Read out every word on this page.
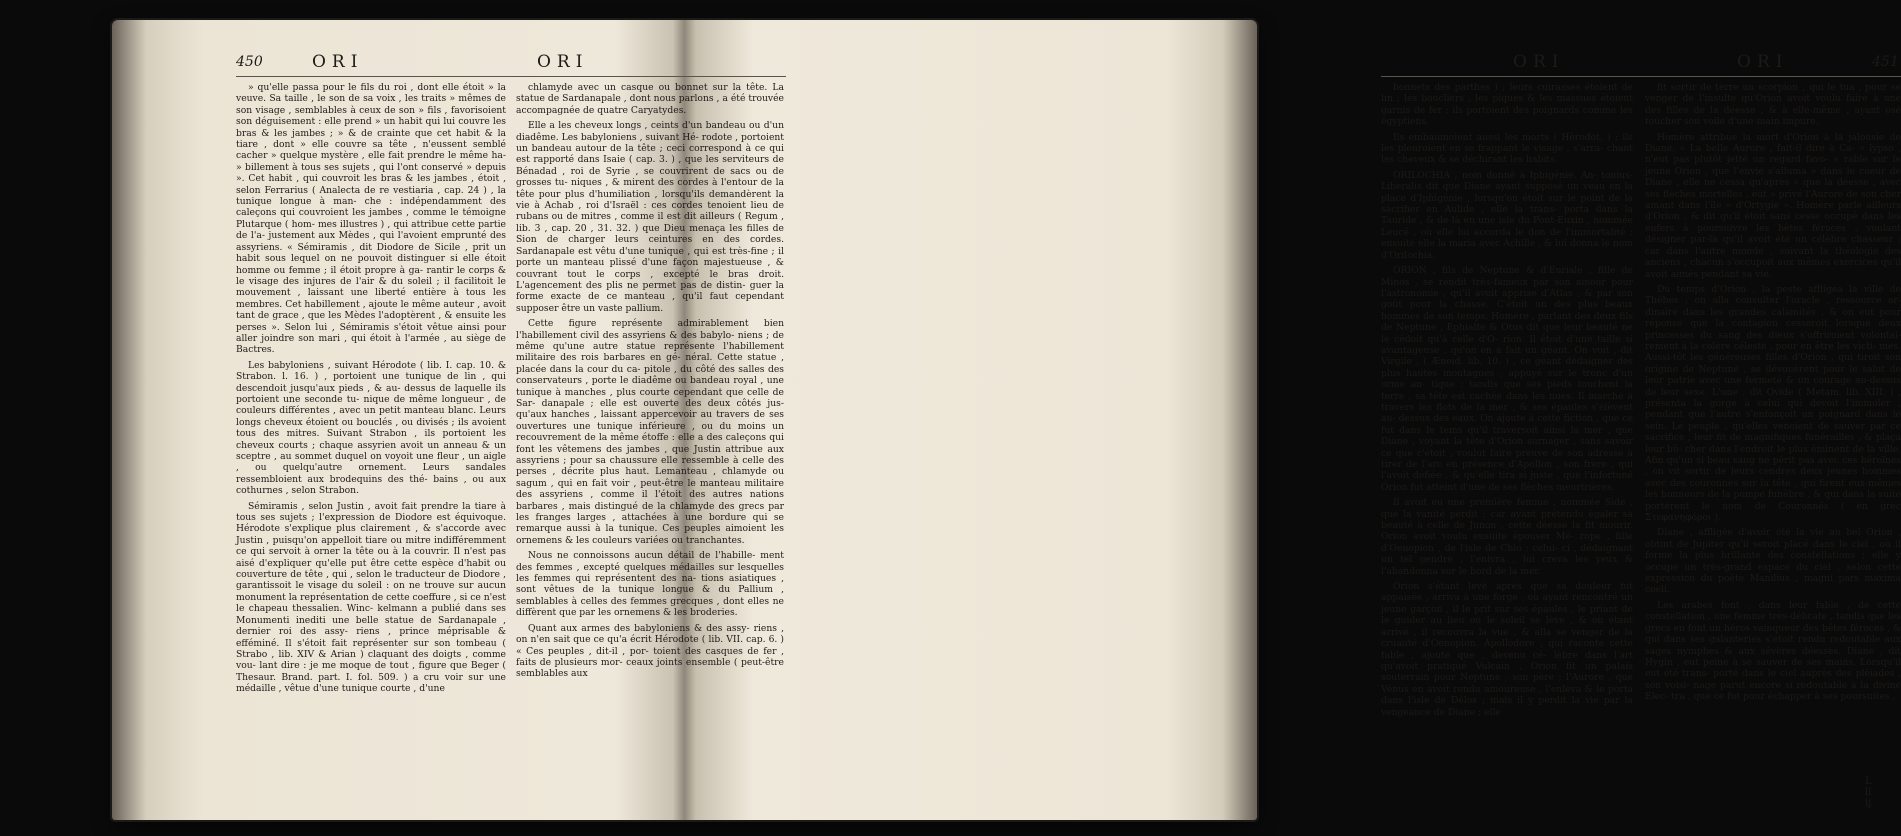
450	ORI	ORI

» qu'elle passa pour le fils du roi , dont elle étoit » la veuve. Sa taille , le son de sa voix , les traits » mêmes de son visage , semblables à ceux de son » fils , favorisoient son déguisement : elle prend » un habit qui lui couvre les bras & les jambes ; » & de crainte que cet habit & la tiare , dont » elle couvre sa tête , n'eussent semblé cacher » quelque mystère , elle fait prendre le même ha- » billement à tous ses sujets , qui l'ont conservé » depuis ». Cet habit , qui couvroit les bras & les jambes , étoit , selon Ferrarius ( Analecta de re vestiaria , cap. 24 ) , la tunique longue à man- che : indépendamment des caleçons qui couvroient les jambes , comme le témoigne Plutarque ( hom- mes illustres ) , qui attribue cette partie de l'a- justement aux Mèdes , qui l'avoient emprunté des assyriens. « Sémiramis , dit Diodore de Sicile , prit un habit sous lequel on ne pouvoit distinguer si elle étoit homme ou femme ; il étoit propre à ga- rantir le corps & le visage des injures de l'air & du soleil ; il facilitoit le mouvement , laissant une liberté entière à tous les membres. Cet habillement , ajoute le même auteur , avoit tant de grace , que les Mèdes l'adoptèrent , & ensuite les perses ». Selon lui , Sémiramis s'étoit vêtue ainsi pour aller joindre son mari , qui étoit à l'armée , au siège de Bactres.

Les babyloniens , suivant Hérodote ( lib. I. cap. 10. & Strabon. l. 16. ) , portoient une tunique de lin , qui descendoit jusqu'aux pieds , & au- dessus de laquelle ils portoient une seconde tu- nique de même longueur , de couleurs différentes , avec un petit manteau blanc. Leurs longs cheveux étoient ou bouclés , ou divisés ; ils avoient tous des mitres. Suivant Strabon , ils portoient les cheveux courts ; chaque assyrien avoit un anneau & un sceptre , au sommet duquel on voyoit une fleur , un aigle , ou quelqu'autre ornement. Leurs sandales ressembloient aux brodequins des thé- bains , ou aux cothurnes , selon Strabon.

Sémiramis , selon Justin , avoit fait prendre la tiare à tous ses sujets ; l'expression de Diodore est équivoque. Hérodote s'explique plus clairement , & s'accorde avec Justin , puisqu'on appelloit tiare ou mitre indifféremment ce qui servoit à orner la tête ou à la couvrir. Il n'est pas aisé d'expliquer qu'elle put être cette espèce d'habit ou couverture de tête , qui , selon le traducteur de Diodore , garantissoit le visage du soleil : on ne trouve sur aucun monument la représentation de cette coeffure , si ce n'est le chapeau thessalien. Winc- kelmann a publié dans ses Monumenti inediti une belle statue de Sardanapale , dernier roi des assy- riens , prince méprisable & efféminé. Il s'étoit fait représenter sur son tombeau ( Strabo , lib. XIV & Arian ) claquant des doigts , comme vou- lant dire : je me moque de tout , figure que Beger ( Thesaur. Brand. part. I. fol. 509. ) a cru voir sur une médaille , vêtue d'une tunique courte , d'une

chlamyde avec un casque ou bonnet sur la tête. La statue de Sardanapale , dont nous parlons , a été trouvée accompagnée de quatre Caryatydes.

Elle a les cheveux longs , ceints d'un bandeau ou d'un diadême. Les babyloniens , suivant Hé- rodote , portoient un bandeau autour de la tête ; ceci correspond à ce qui est rapporté dans Isaie ( cap. 3. ) , que les serviteurs de Bénadad , roi de Syrie , se couvrirent de sacs ou de grosses tu- niques , & mirent des cordes à l'entour de la tête pour plus d'humiliation , lorsqu'ils demandèrent la vie à Achab , roi d'Israël : ces cordes tenoient lieu de rubans ou de mitres , comme il est dit ailleurs ( Regum , lib. 3 , cap. 20 , 31. 32. ) que Dieu menaça les filles de Sion de charger leurs ceintures en des cordes. Sardanapale est vêtu d'une tunique , qui est très-fine ; il porte un manteau plissé d'une façon majestueuse , & couvrant tout le corps , excepté le bras droit. L'agencement des plis ne permet pas de distin- guer la forme exacte de ce manteau , qu'il faut cependant supposer être un vaste pallium.

Cette figure représente admirablement bien l'habillement civil des assyriens & des babylo- niens ; de même qu'une autre statue représente l'habillement militaire des rois barbares en gé- néral. Cette statue , placée dans la cour du ca- pitole , du côté des salles des conservateurs , porte le diadême ou bandeau royal , une tunique à manches , plus courte cependant que celle de Sar- danapale ; elle est ouverte des deux côtés jus- qu'aux hanches , laissant appercevoir au travers de ses ouvertures une tunique inférieure , ou du moins un recouvrement de la même étoffe : elle a des caleçons qui font les vêtemens des jambes , que Justin attribue aux assyriens ; pour sa chaussure elle ressemble à celle des perses , décrite plus haut. Lemanteau , chlamyde ou sagum , qui en fait voir , peut-être le manteau militaire des assyriens , comme il l'étoit des autres nations barbares , mais distingué de la chlamyde des grecs par les franges larges , attachées à une bordure qui se remarque aussi à la tunique. Ces peuples aimoient les ornemens & les couleurs variées ou tranchantes.

Nous ne connoissons aucun détail de l'habille- ment des femmes , excepté quelques médailles sur lesquelles les femmes qui représentent des na- tions asiatiques , sont vêtues de la tunique longue & du Pallium , semblables à celles des femmes grecques , dont elles ne diffèrent que par les ornemens & les broderies.

Quant aux armes des babyloniens & des assy- riens , on n'en sait que ce qu'a écrit Hérodote ( lib. VII. cap. 6. ) « Ces peuples , dit-il , por- toient des casques de fer , faits de plusieurs mor- ceaux joints ensemble ( peut-être semblables aux

ORI	ORI	451

bonnets des parthes ) ; leurs cuirasses étoient de lin ; les boucliers , les piques & les massues étoient garnis de fer : ils portoient des poignards comme les égyptiens.

Ils embaumoient aussi les morts ( Hérodot. ) ; ils les pleuroient en se frappant le visage , s'arra- chant les cheveux & se déchirant les habits.

ORILOCHIA , nom donné à Iphigénie. An- tonius-Liberalis dit que Diane ayant supposé un veau en la place d'Iphigénie , lorsqu'on étoit sur le point de la sacrifier en Aulide , elle la trans- porta dans la Tauride , & de-là en une isle du Pont-Euxin , nommée Leucé , où elle lui accorda le don de l'immortalité ; ensuite elle la maria avec Achille , & lui donna le nom d'Orilochia.

ORION , fils de Neptune & d'Euriale , fille de Minos , se rendit très-fameux par son amour pour l'astronomie , qu'il avoit apprise d'Atlas , & par son goût pour la chasse. C'étoit un des plus beaux hommes de son temps. Homère , parlant des deux fils de Neptune , Ephialte & Otus dit que leur beauté ne le cédoit qu'à celle d'O- rion. Il étoit d'une taille si avantageuse , qu'on en a fait un géant. On voit , dit Virgile , ( Æneid. lib. 10. ) , ce géant dédaigner des plus hautes montagnes , appuyé sur le tronc d'un orme an- tique ; tandis que ses pieds touchent la terre , sa tête est cachée dans les nues. Il marche à travers les flots de la mer , & ses épaules s'élèvent au- dessus des eaux. On ajoute à cette fiction , que ce fut dans le tems qu'il traversoit ainsi la mer , que Diane , voyant la tête d'Orion surnager , sans savoir ce que c'étoit , voulut faire preuve de son adresse à tirer de l'arc en présence d'Apollon , son frère , qui l'avoit défiée , & qu'elle tira si juste , que l'infortuné Orion fut atteint d'une de ses flèches meurtrières.

Il avoit eu une première femme , nommée Side , que la vanité perdit ; car ayant prétendu égaler sa beauté à celle de Junon , cette déesse la fit mourir. Orion avoit voulu ensuite épouser Mé- rope , fille d'Oenopion , de l'isle de Chio : celui- ci , dédaignant un tel gendre , l'enivra , lui creva les yeux & l'abandonna sur le bord de la mer.

Orion s'étant levé après que sa douleur fut appaisée , arriva à une forge , où ayant rencontré un jeune garçon , il le prit sur ses épaules , le priant de le guider au lieu où le soleil se lève , & où étant arrivé , il recouvra la vue , & alla se venger de la cruauté d'Oenopion. Apollodore , qui raconte cette fable , ajoute que , devenu cé- lèbre dans l'art qu'avoit pratiqué Vulcain , Orion fit un palais souterrain pour Neptune , son père ; l'Aurore , que Vénus en avoit rendu amoureuse , l'enleva & le porta dans l'isle de Délos ; mais il y perdit la vie par la vengeance de Diane ; elle

fit sortir de terre un scorpion , qui le tua , pour se venger de l'insulte qu'Orion avoit voulu faire à une des filles de la déesse , & à elle-même , ayant osé toucher son voile d'une main impure.

Homère attribue la mort d'Orion à la jalousie de Diane. « La belle Aurore , fait-il dire à Ca- » lypso , n'eut pas plutôt jetté un regard favo- » rable sur le jeune Orion , que l'envie s'alluma » dans le coeur de Diane , elle ne cessa qu'après » que la déesse , avec ses flèches mortelles , eut » privé l'Aurore de son cher amant dans l'île » d'Ortygie ». Homère parle ailleurs d'Orion , & dit qu'il étoit sans cesse occupé dans les enfers à poursuivre les bêtes féroces , voulant désigner par-là qu'il avoit été un célèbre chasseur ; car dans l'autre monde , suivant la théologie des anciens , chacun s'occupoit aux mêmes exercices qu'il avoit aimés pendant sa vie.

Du temps d'Orion , la peste affligea la ville de Thèbes ; on alla consulter l'oracle , ressource or- dinaire dans les grandes calamités , & on eut pour réponse que la contagion cesseroit lorsque deux princesses du sang des dieux s'offriroient volontai- rement à la colère céleste , pour en être les victi- mes. Aussi-tôt les généreuses filles d'Orion , qui tiroit son origine de Neptune , se dévouèrent pour le salut de leur patrie avec une fermeté & un courage au-dessus de leur sexe. L'une , dit Ovide ( Metam. lib. XIII. ) , présenta la gorge à celui qui devoit l'immoler , pendant que l'autre s'enfonçoit un poignard dans le sein. Le peuple , qu'elles venoient de sauver par ce sacrifice , leur fit de magnifiques funérailles , & plaça leur bû- cher dans l'endroit le plus éminent de la ville. Afin qu'un si beau sang ne périt pas avec ces héroïnes , on vit sortir de leurs cendres deux jeunes hommes avec des couronnes sur la tête , qui firent eux-mêmes les honneurs de la pompe funèbre , & qui dans la suite portèrent le nom de Couronnés ( en grec Στεφανηφόροι ).

Diane , affligée d'avoir ôté la vie au bel Orion , obtint de Jupiter qu'il seroit placé dans le ciel , où il forme la plus brillante des constellations ; elle y occupe un très-grand espace du ciel , selon cette expression du poëte Manilius , magni pars maxima coeli.

Les arabes font , dans leur fable , de cette constellation , une femme très-délicate , tandis que les grecs en font un héros vainqueur des bêtes féroces , & qui dans ses galanteries s'étoit rendu redoutable aux sages nymphes & aux sévères déesses. Diane , dit Hygin , eut peine à se sauver de ses mains. Lorsqu'il eut été trans- porté dans le ciel auprès des pléiades , son voisi- nage parut encore si redoutable à la divine Elec- tra , que ce fut pour échapper à ses poursuites ,

L ll ij
